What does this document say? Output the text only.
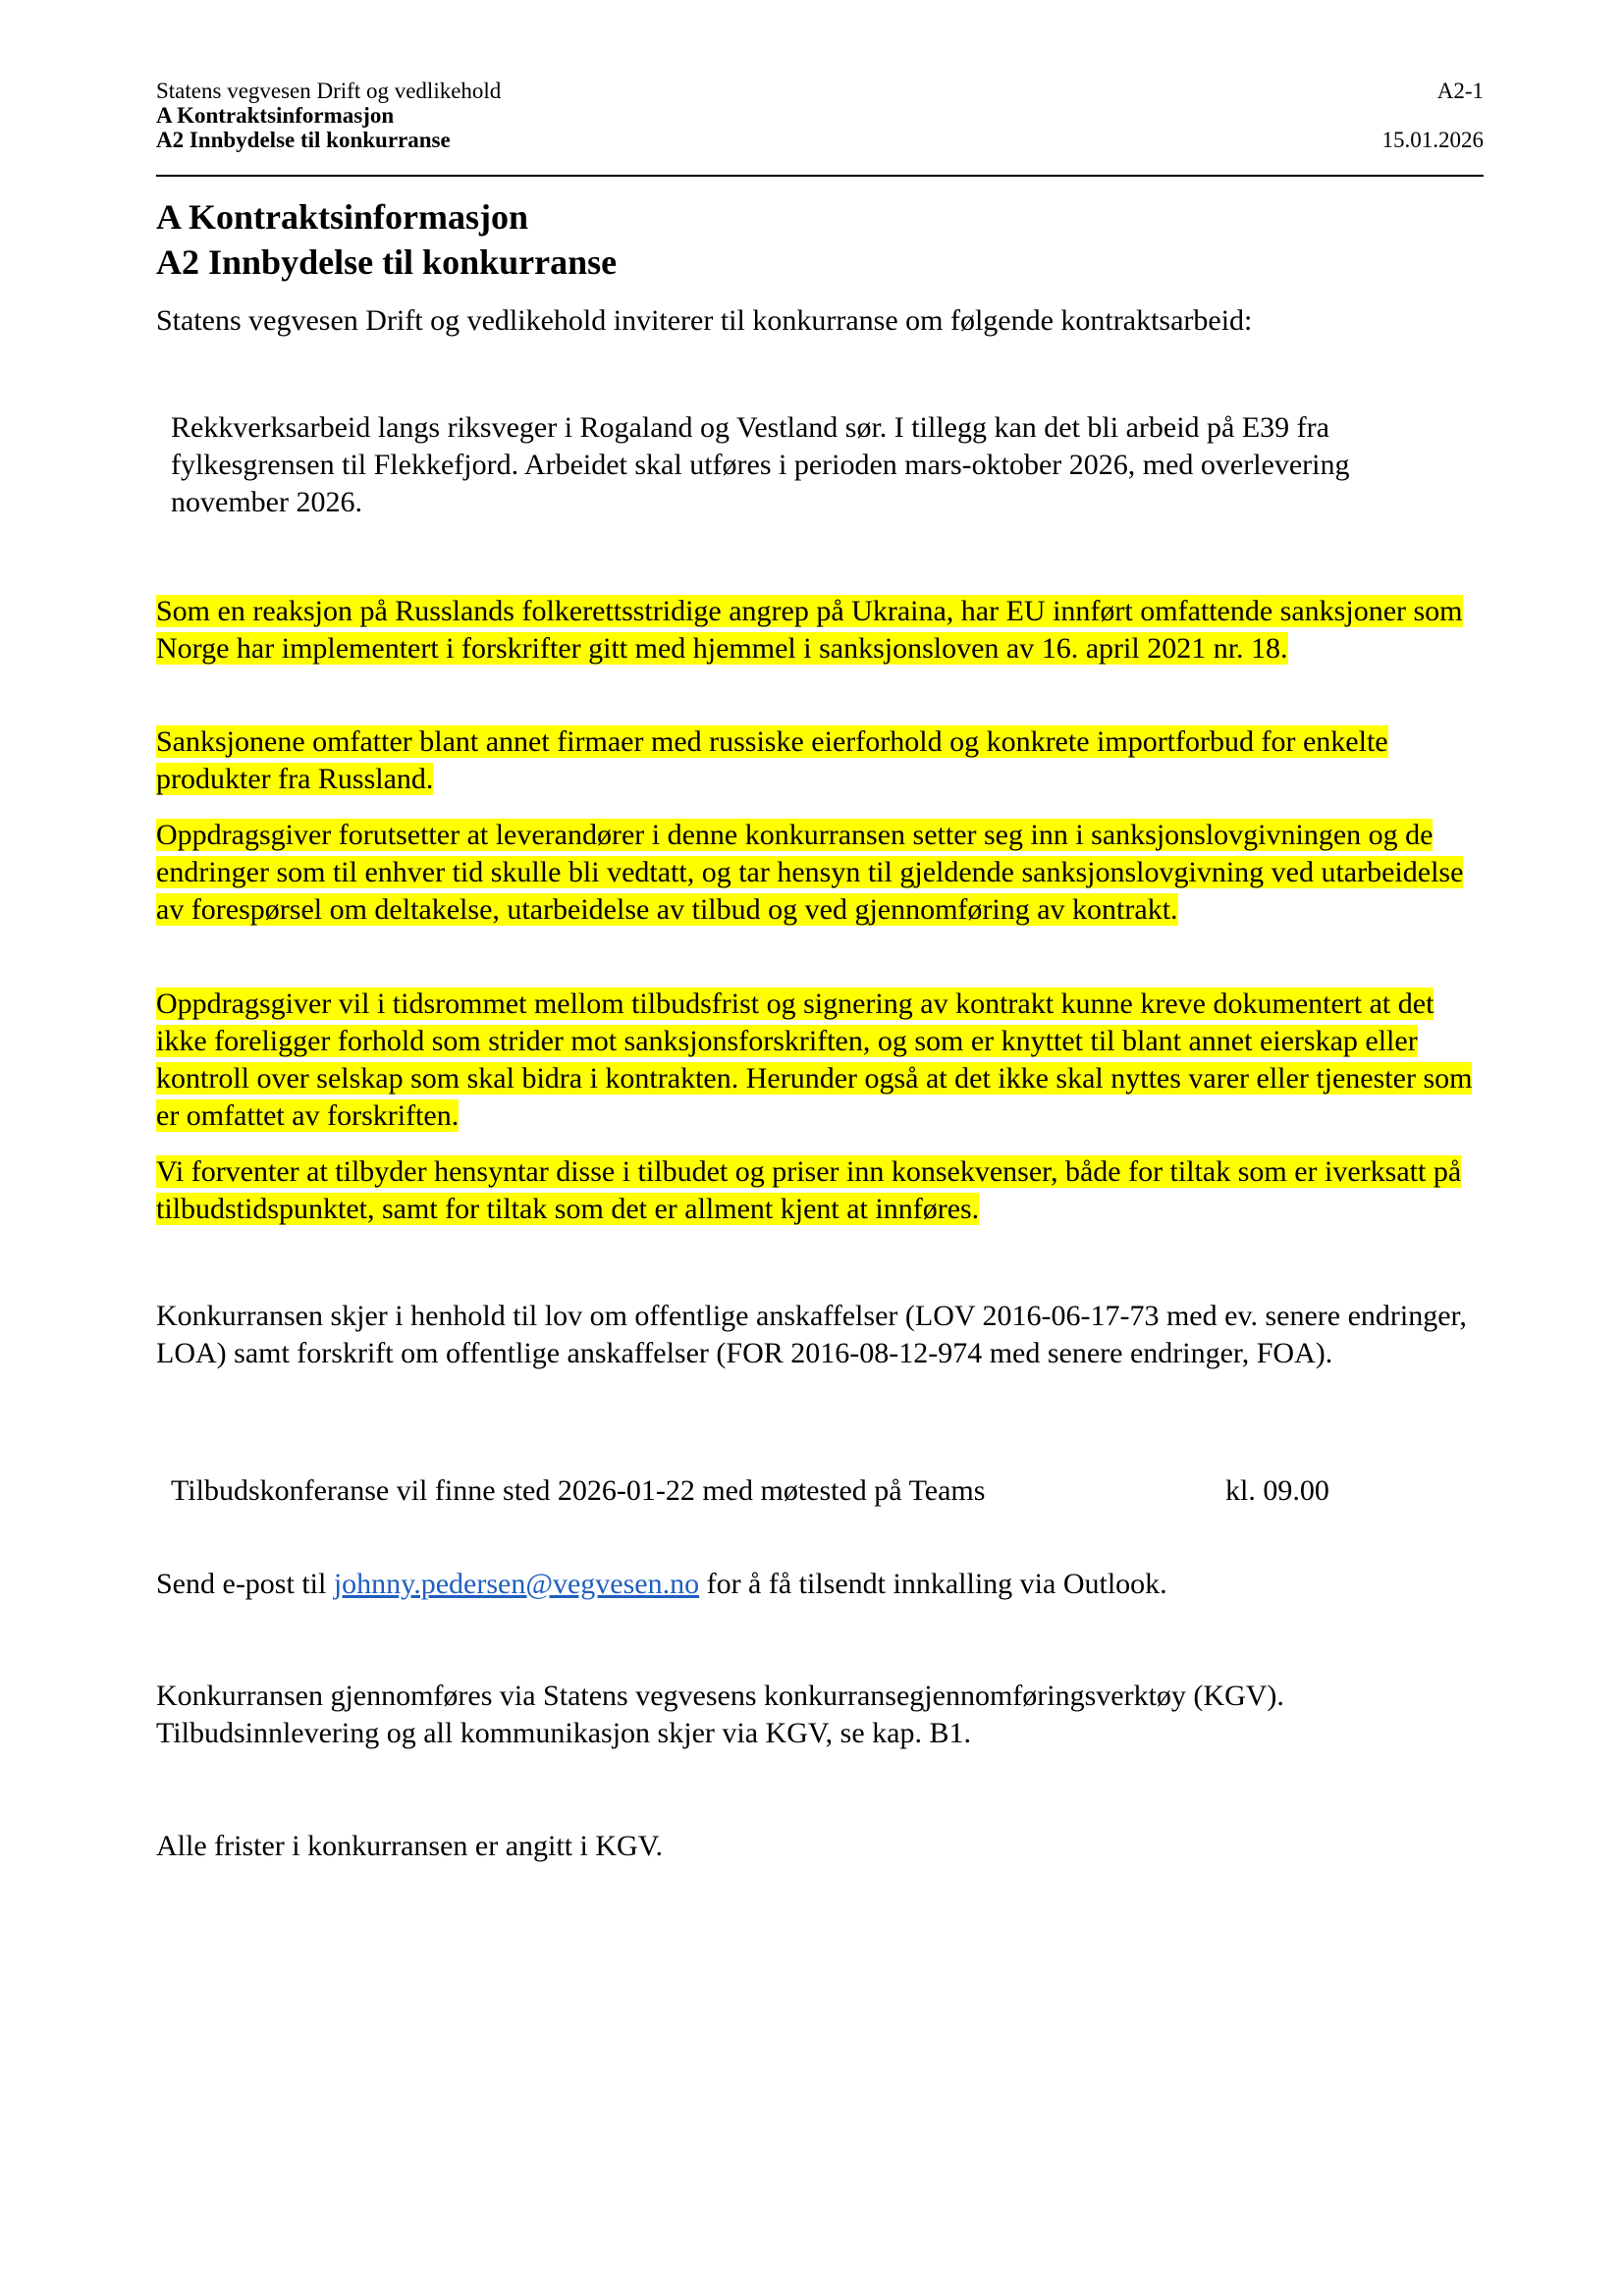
Statens vegvesen Drift og vedlikehold	A2-1
A Kontraktsinformasjon
A2 Innbydelse til konkurranse	15.01.2026
A Kontraktsinformasjon
A2 Innbydelse til konkurranse

Statens vegvesen Drift og vedlikehold inviterer til konkurranse om følgende kontraktsarbeid:

Rekkverksarbeid langs riksveger i Rogaland og Vestland sør. I tillegg kan det bli arbeid på E39 fra fylkesgrensen til Flekkefjord. Arbeidet skal utføres i perioden mars-oktober 2026, med overlevering november 2026.

Som en reaksjon på Russlands folkerettsstridige angrep på Ukraina, har EU innført omfattende sanksjoner som Norge har implementert i forskrifter gitt med hjemmel i sanksjonsloven av 16. april 2021 nr. 18.

Sanksjonene omfatter blant annet firmaer med russiske eierforhold og konkrete importforbud for enkelte produkter fra Russland.

Oppdragsgiver forutsetter at leverandører i denne konkurransen setter seg inn i sanksjonslovgivningen og de endringer som til enhver tid skulle bli vedtatt, og tar hensyn til gjeldende sanksjonslovgivning ved utarbeidelse av forespørsel om deltakelse, utarbeidelse av tilbud og ved gjennomføring av kontrakt.

Oppdragsgiver vil i tidsrommet mellom tilbudsfrist og signering av kontrakt kunne kreve dokumentert at det ikke foreligger forhold som strider mot sanksjonsforskriften, og som er knyttet til blant annet eierskap eller kontroll over selskap som skal bidra i kontrakten. Herunder også at det ikke skal nyttes varer eller tjenester som er omfattet av forskriften.

Vi forventer at tilbyder hensyntar disse i tilbudet og priser inn konsekvenser, både for tiltak som er iverksatt på tilbudstidspunktet, samt for tiltak som det er allment kjent at innføres.

Konkurransen skjer i henhold til lov om offentlige anskaffelser (LOV 2016-06-17-73 med ev. senere endringer, LOA) samt forskrift om offentlige anskaffelser (FOR 2016-08-12-974 med senere endringer, FOA).

Tilbudskonferanse vil finne sted 2026-01-22 med møtested på Teams	kl. 09.00

Send e-post til johnny.pedersen@vegvesen.no for å få tilsendt innkalling via Outlook.

Konkurransen gjennomføres via Statens vegvesens konkurransegjennomføringsverktøy (KGV). Tilbudsinnlevering og all kommunikasjon skjer via KGV, se kap. B1.

Alle frister i konkurransen er angitt i KGV.
